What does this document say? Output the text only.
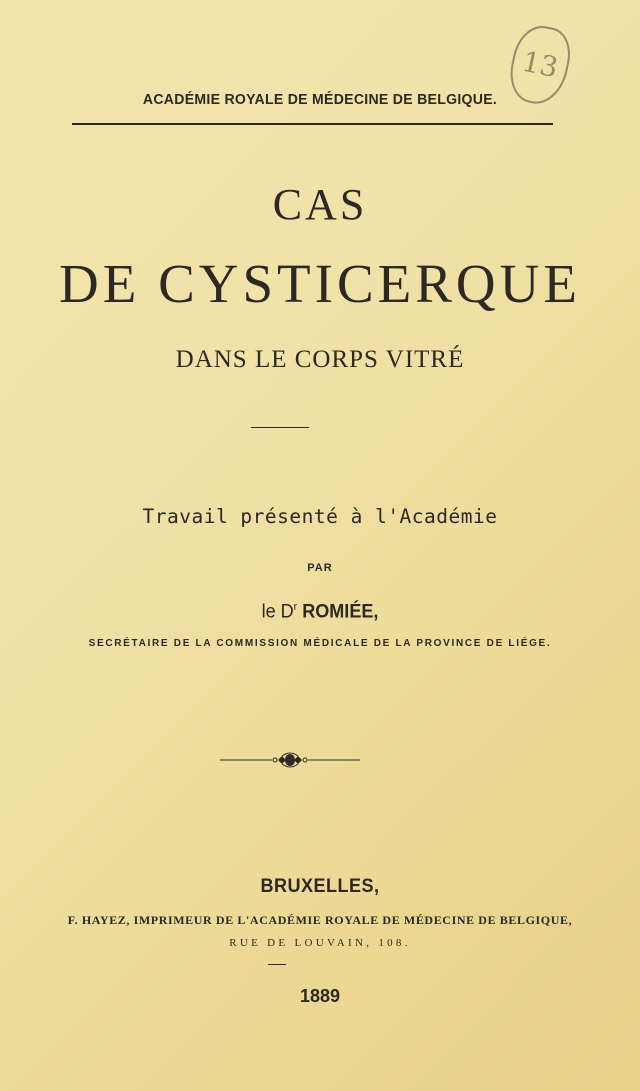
13
ACADÉMIE ROYALE DE MÉDECINE DE BELGIQUE.
CAS
DE CYSTICERQUE
DANS LE CORPS VITRÉ
Travail présenté à l'Académie
PAR
le $D^r$ ROMIÉE,
SECRÉTAIRE DE LA COMMISSION MÉDICALE DE LA PROVINCE DE LIÉGE.
BRUXELLES,
F. HAYEZ, IMPRIMEUR DE L'ACADÉMIE ROYALE DE MÉDECINE DE BELGIQUE,
RUE DE LOUVAIN, 108.
1889
